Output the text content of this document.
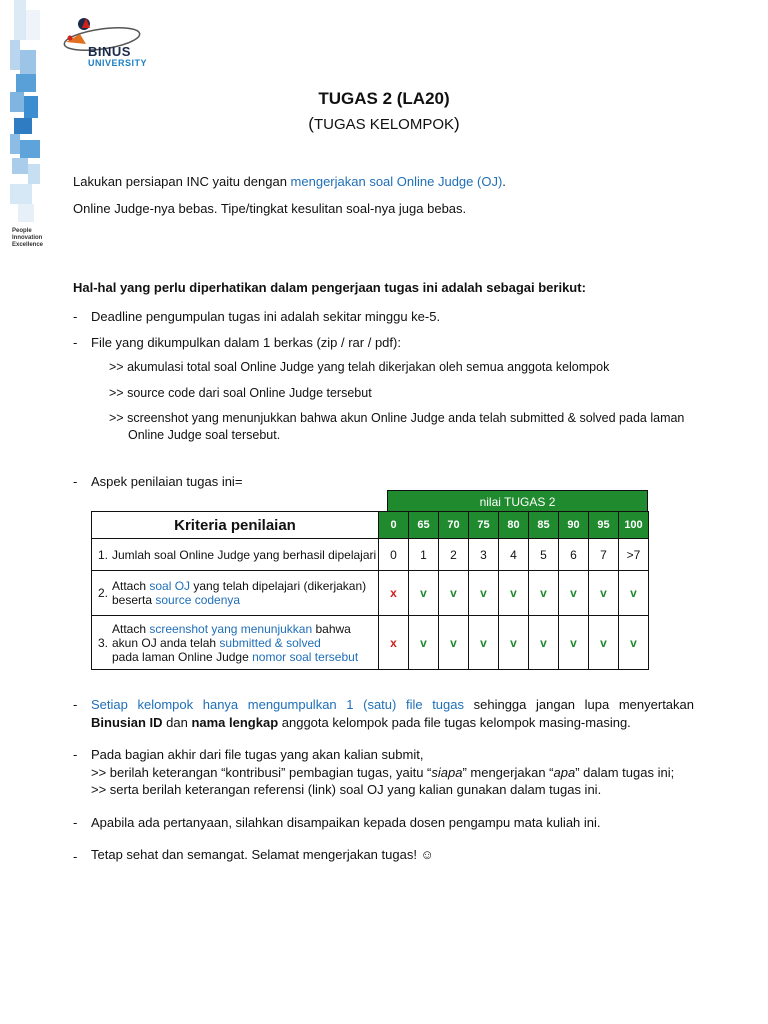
People
Innovation
Excellence
BINUS
UNIVERSITY
TUGAS 2 (LA20)
(TUGAS KELOMPOK)
Lakukan persiapan INC yaitu dengan mengerjakan soal Online Judge (OJ).
Online Judge-nya bebas. Tipe/tingkat kesulitan soal-nya juga bebas.
Hal-hal yang perlu diperhatikan dalam pengerjaan tugas ini adalah sebagai berikut:
- Deadline pengumpulan tugas ini adalah sekitar minggu ke-5.
- File yang dikumpulkan dalam 1 berkas (zip / rar / pdf):
>> akumulasi total soal Online Judge yang telah dikerjakan oleh semua anggota kelompok
>> source code dari soal Online Judge tersebut
>> screenshot yang menunjukkan bahwa akun Online Judge anda telah submitted & solved pada laman
Online Judge soal tersebut.
- Aspek penilaian tugas ini=
nilai TUGAS 2
Kriteria penilaian	0	65	70	75	80	85	90	95	100
1. Jumlah soal Online Judge yang berhasil dipelajari	0	1	2	3	4	5	6	7	>7
2. Attach soal OJ yang telah dipelajari (dikerjakan)
beserta source codenya	x	v	v	v	v	v	v	v	v
3.Attach screenshot yang menunjukkan bahwa
akun OJ anda telah submitted & solved
pada laman Online Judge nomor soal tersebut	x	v	v	v	v	v	v	v	v
- Setiap kelompok hanya mengumpulkan 1 (satu) file tugas sehingga jangan lupa menyertakan
Binusian ID dan nama lengkap anggota kelompok pada file tugas kelompok masing-masing.
- Pada bagian akhir dari file tugas yang akan kalian submit,
>> berilah keterangan “kontribusi” pembagian tugas, yaitu “siapa” mengerjakan “apa” dalam tugas ini;
>> serta berilah keterangan referensi (link) soal OJ yang kalian gunakan dalam tugas ini.
- Apabila ada pertanyaan, silahkan disampaikan kepada dosen pengampu mata kuliah ini.
- Tetap sehat dan semangat. Selamat mengerjakan tugas! ☺
